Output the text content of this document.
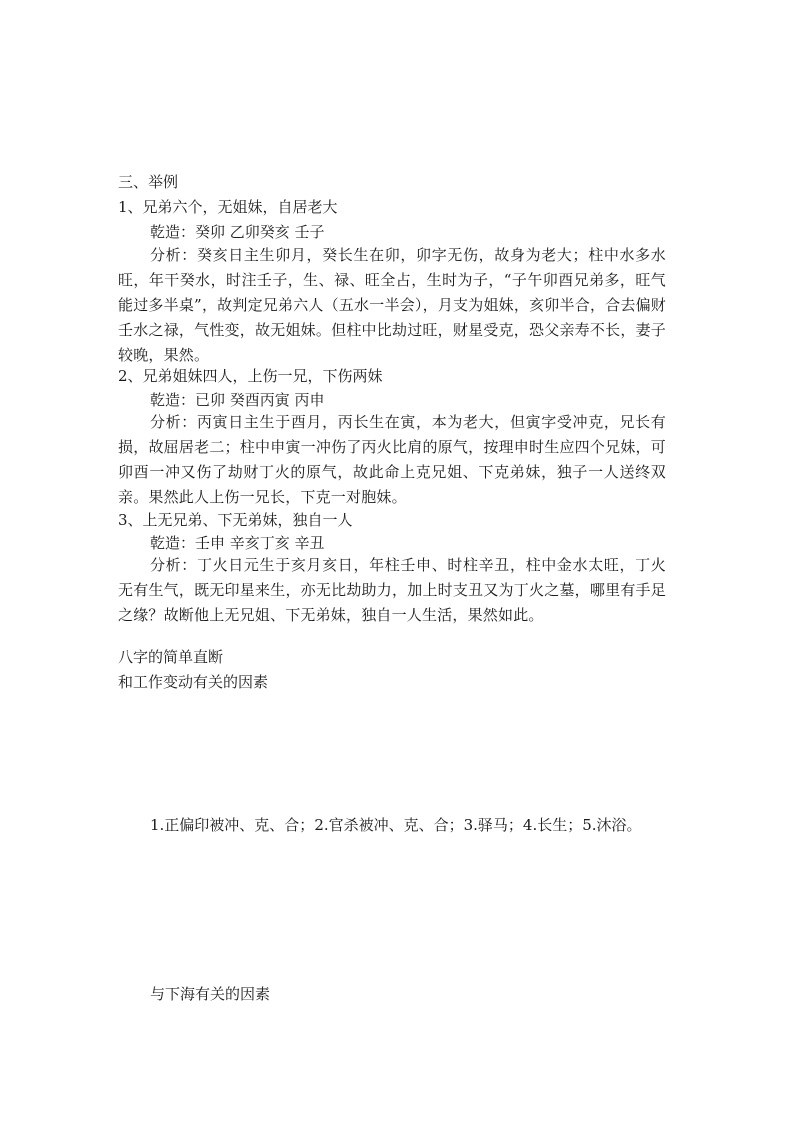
三、举例
1、兄弟六个，无姐妹，自居老大
乾造：癸卯 乙卯癸亥 壬子
分析：癸亥日主生卯月，癸长生在卯，卯字无伤，故身为老大；柱中水多水旺，年干癸水，时注壬子，生、禄、旺全占，生时为子，“子午卯酉兄弟多，旺气能过多半桌”，故判定兄弟六人（五水一半会），月支为姐妹，亥卯半合，合去偏财壬水之禄，气性变，故无姐妹。但柱中比劫过旺，财星受克，恐父亲寿不长，妻子较晚，果然。
2、兄弟姐妹四人，上伤一兄，下伤两妹
乾造：已卯 癸酉丙寅 丙申
分析：丙寅日主生于酉月，丙长生在寅，本为老大，但寅字受冲克，兄长有损，故屈居老二；柱中申寅一冲伤了丙火比肩的原气，按理申时生应四个兄妹，可卯酉一冲又伤了劫财丁火的原气，故此命上克兄姐、下克弟妹，独子一人送终双亲。果然此人上伤一兄长，下克一对胞妹。
3、上无兄弟、下无弟妹，独自一人
乾造：壬申 辛亥丁亥 辛丑
分析：丁火日元生于亥月亥日，年柱壬申、时柱辛丑，柱中金水太旺，丁火无有生气，既无印星来生，亦无比劫助力，加上时支丑又为丁火之墓，哪里有手足之缘？故断他上无兄姐、下无弟妹，独自一人生活，果然如此。
八字的简单直断
和工作变动有关的因素
1.正偏印被冲、克、合；2.官杀被冲、克、合；3.驿马；4.长生；5.沐浴。
与下海有关的因素
